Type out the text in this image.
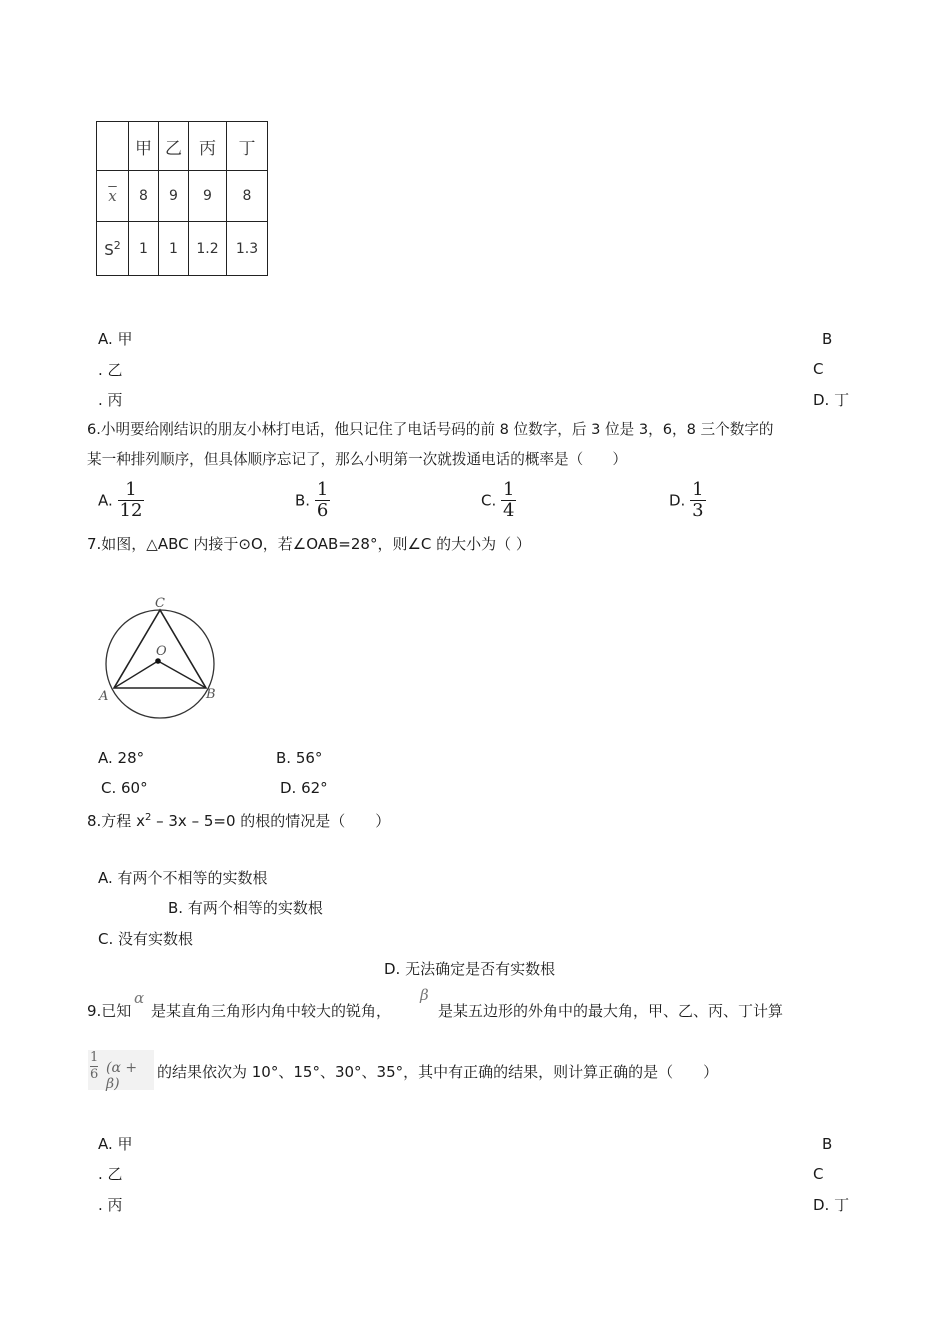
	甲	乙	丙	丁
$\overline{x}$	8	9	9	8
$S^2$	1	1	1.2	1.3
A. 甲	B
. 乙	C
. 丙	D. 丁
6.小明要给刚结识的朋友小林打电话，他只记住了电话号码的前 8 位数字，后 3 位是 3，6，8 三个数字的
某一种排列顺序，但具体顺序忘记了，那么小明第一次就拨通电话的概率是（　　）
A. $\frac{1}{12}$	B. $\frac{1}{6}$	C. $\frac{1}{4}$	D. $\frac{1}{3}$
7.如图，△ABC 内接于⊙O，若∠OAB=28°，则∠C 的大小为（ ）
C
O
A	B
A. 28°	B. 56°
C. 60°	D. 62°
8.方程 $x^2 - 3x - 5=0$ 的根的情况是（　　）
A. 有两个不相等的实数根
B. 有两个相等的实数根
C. 没有实数根
D. 无法确定是否有实数根
9.已知
α
是某直角三角形内角中较大的锐角，
β
是某五边形的外角中的最大角，甲、乙、丙、丁计算
1
6 (α + β)
的结果依次为 10°、15°、30°、35°，其中有正确的结果，则计算正确的是（　　）
A. 甲	B
. 乙	C
. 丙	D. 丁
